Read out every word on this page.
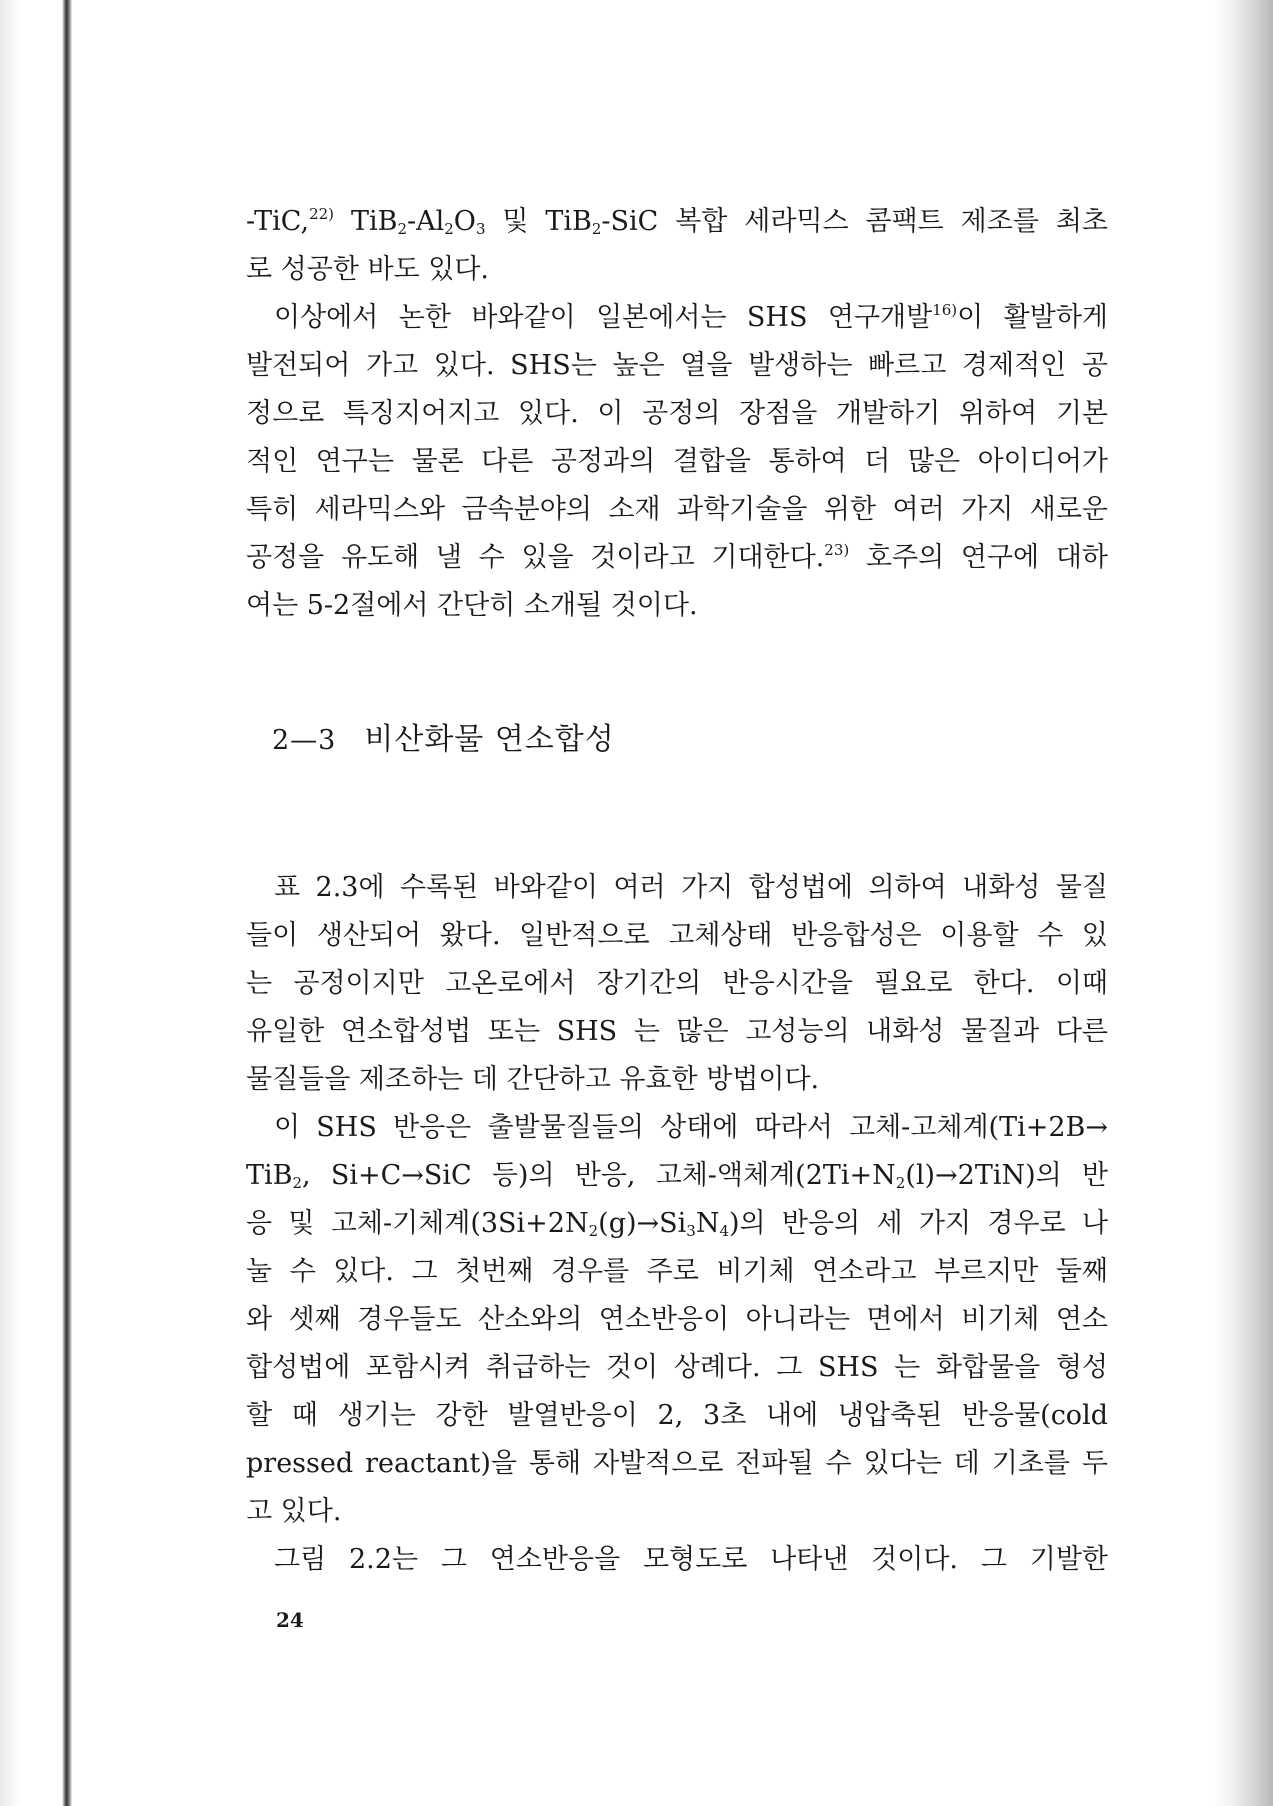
-TiC,$^{22)}$ $TiB_2-Al_2O_3$ 및 TiB$_2$-SiC 복합 세라믹스 콤팩트 제조를 최초
로 성공한 바도 있다.
이상에서 논한 바와같이 일본에서는 SHS 연구개발$^{16)}$이 활발하게
발전되어 가고 있다. SHS는 높은 열을 발생하는 빠르고 경제적인 공
정으로 특징지어지고 있다. 이 공정의 장점을 개발하기 위하여 기본
적인 연구는 물론 다른 공정과의 결합을 통하여 더 많은 아이디어가
특히 세라믹스와 금속분야의 소재 과학기술을 위한 여러 가지 새로운
공정을 유도해 낼 수 있을 것이라고 기대한다.$^{23)}$ 호주의 연구에 대하
여는 5-2절에서 간단히 소개될 것이다.
2—3 비산화물 연소합성
표 2.3에 수록된 바와같이 여러 가지 합성법에 의하여 내화성 물질
들이 생산되어 왔다. 일반적으로 고체상태 반응합성은 이용할 수 있
는 공정이지만 고온로에서 장기간의 반응시간을 필요로 한다. 이때
유일한 연소합성법 또는 SHS 는 많은 고성능의 내화성 물질과 다른
물질들을 제조하는 데 간단하고 유효한 방법이다.
이 SHS 반응은 출발물질들의 상태에 따라서 고체-고체계(Ti+2B→
TiB$_2$, Si+C→SiC 등)의 반응, 고체-액체계$(2Ti+N_2(l)\to 2TiN)$의 반
응 및 고체-기체계$(3Si+2N_2(g)\to Si_3N_4)$의 반응의 세 가지 경우로 나
눌 수 있다. 그 첫번째 경우를 주로 비기체 연소라고 부르지만 둘째
와 셋째 경우들도 산소와의 연소반응이 아니라는 면에서 비기체 연소
합성법에 포함시켜 취급하는 것이 상례다. 그 SHS 는 화합물을 형성
할 때 생기는 강한 발열반응이 2, 3초 내에 냉압축된 반응물(cold
pressed reactant)을 통해 자발적으로 전파될 수 있다는 데 기초를 두
고 있다.
그림 2.2는 그 연소반응을 모형도로 나타낸 것이다. 그 기발한
24
